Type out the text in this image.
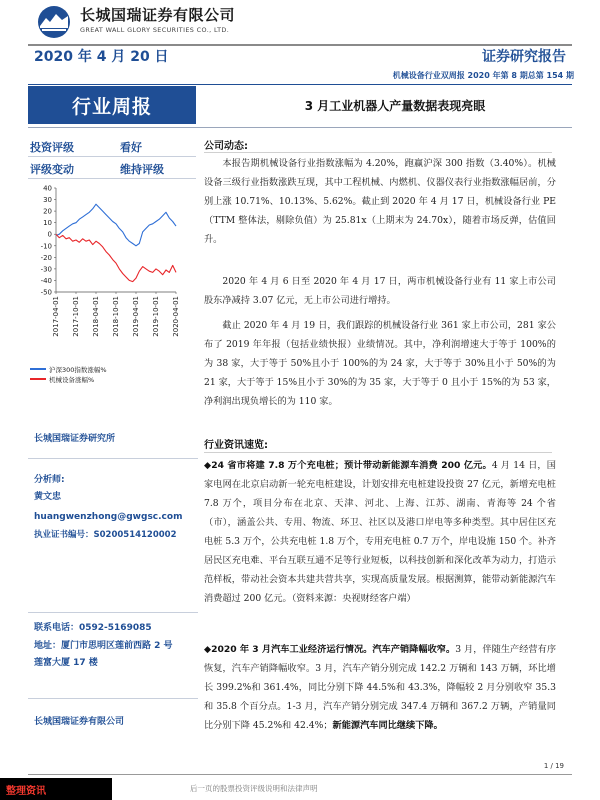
长城国瑞证券有限公司
GREAT WALL GLORY SECURITIES CO., LTD.
2020 年 4 月 20 日	证券研究报告
机械设备行业双周报 2020 年第 8 期总第 154 期
行业周报	3 月工业机器人产量数据表现亮眼
投资评级	看好
评级变动	维持评级
40
30
20
10
0
-10
-20
-30
-40
-50
2017-04-01 2017-10-01 2018-04-01 2018-10-01 2019-04-01 2019-10-01 2020-04-01
沪深300指数涨幅%
机械设备涨幅%
长城国瑞证券研究所
分析师:
黄文忠
huangwenzhong@gwgsc.com
执业证书编号：S0200514120002
联系电话：0592-5169085
地址：厦门市思明区莲前西路 2 号
莲富大厦 17 楼
长城国瑞证券有限公司
公司动态:
本报告期机械设备行业指数涨幅为 4.20%，跑赢沪深 300 指数（3.40%）。机械设备三级行业指数涨跌互现，其中工程机械、内燃机、仪器仪表行业指数涨幅居前，分别上涨 10.71%、10.13%、5.62%。截止到 2020 年 4 月 17 日，机械设备行业 PE（TTM 整体法，剔除负值）为 25.81x（上期末为 24.70x），随着市场反弹，估值回升。
2020 年 4 月 6 日至 2020 年 4 月 17 日，两市机械设备行业有 11 家上市公司股东净减持 3.07 亿元，无上市公司进行增持。
截止 2020 年 4 月 19 日，我们跟踪的机械设备行业 361 家上市公司，281 家公布了 2019 年年报（包括业绩快报）业绩情况。其中，净利润增速大于等于 100%的为 38 家，大于等于 50%且小于 100%的为 24 家，大于等于 30%且小于 50%的为 21 家，大于等于 15%且小于 30%的为 35 家，大于等于 0 且小于 15%的为 53 家，净利润出现负增长的为 110 家。
行业资讯速览:
◆24 省市将建 7.8 万个充电桩；预计带动新能源车消费 200 亿元。4 月 14 日，国家电网在北京启动新一轮充电桩建设，计划安排充电桩建设投资 27 亿元，新增充电桩 7.8 万个，项目分布在北京、天津、河北、上海、江苏、湖南、青海等 24 个省（市），涵盖公共、专用、物流、环卫、社区以及港口岸电等多种类型。其中居住区充电桩 5.3 万个，公共充电桩 1.8 万个，专用充电桩 0.7 万个，岸电设施 150 个。补齐居民区充电难、平台互联互通不足等行业短板，以科技创新和深化改革为动力，打造示范样板，带动社会资本共建共营共享，实现高质量发展。根据测算，能带动新能源汽车消费超过 200 亿元。（资料来源：央视财经客户端）
◆2020 年 3 月汽车工业经济运行情况。汽车产销降幅收窄。3 月，伴随生产经营有序恢复，汽车产销降幅收窄。3 月，汽车产销分别完成 142.2 万辆和 143 万辆，环比增长 399.2%和 361.4%，同比分别下降 44.5%和 43.3%，降幅较 2 月分别收窄 35.3 和 35.8 个百分点。1-3 月，汽车产销分别完成 347.4 万辆和 367.2 万辆，产销量同比分别下降 45.2%和 42.4%；新能源汽车同比继续下降。
1 / 19
整理资讯	后一页的股票投资评级说明和法律声明
